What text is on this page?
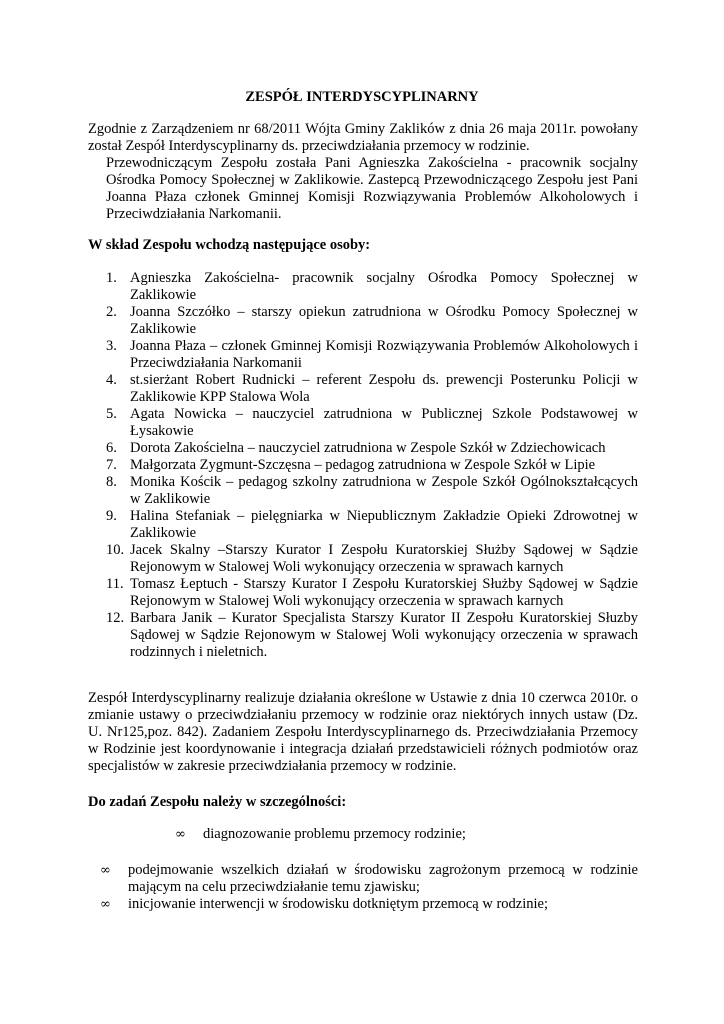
ZESPÓŁ INTERDYSCYPLINARNY
Zgodnie z Zarządzeniem nr 68/2011 Wójta Gminy Zaklików z dnia 26 maja 2011r. powołany został Zespół Interdyscyplinarny ds. przeciwdziałania przemocy w rodzinie.
Przewodniczącym Zespołu została Pani Agnieszka Zakościelna - pracownik socjalny Ośrodka Pomocy Społecznej w Zaklikowie. Zastepcą Przewodniczącego Zespołu jest Pani Joanna Płaza członek Gminnej Komisji Rozwiązywania Problemów Alkoholowych i Przeciwdziałania Narkomanii.
W skład Zespołu wchodzą następujące osoby:
1. Agnieszka Zakościelna- pracownik socjalny Ośrodka Pomocy Społecznej w Zaklikowie
2. Joanna Szczółko – starszy opiekun zatrudniona w Ośrodku Pomocy Społecznej w Zaklikowie
3. Joanna Płaza – członek Gminnej Komisji Rozwiązywania Problemów Alkoholowych i Przeciwdziałania Narkomanii
4. st.sierżant Robert Rudnicki – referent Zespołu ds. prewencji Posterunku Policji w Zaklikowie KPP Stalowa Wola
5. Agata Nowicka – nauczyciel zatrudniona w Publicznej Szkole Podstawowej w Łysakowie
6. Dorota Zakościelna – nauczyciel zatrudniona w Zespole Szkół w Zdziechowicach
7. Małgorzata Zygmunt-Szczęsna – pedagog zatrudniona w Zespole Szkół w Lipie
8. Monika Kościk – pedagog szkolny zatrudniona w Zespole Szkół Ogólnokształcących w Zaklikowie
9. Halina Stefaniak – pielęgniarka w Niepublicznym Zakładzie Opieki Zdrowotnej w Zaklikowie
10. Jacek Skalny –Starszy Kurator I Zespołu Kuratorskiej Służby Sądowej w Sądzie Rejonowym w Stalowej Woli wykonujący orzeczenia w sprawach karnych
11. Tomasz Łeptuch - Starszy Kurator I Zespołu Kuratorskiej Służby Sądowej w Sądzie Rejonowym w Stalowej Woli wykonujący orzeczenia w sprawach karnych
12. Barbara Janik – Kurator Specjalista Starszy Kurator II Zespołu Kuratorskiej Słuzby Sądowej w Sądzie Rejonowym w Stalowej Woli wykonujący orzeczenia w sprawach rodzinnych i nieletnich.
Zespół Interdyscyplinarny realizuje działania określone w Ustawie z dnia 10 czerwca 2010r. o zmianie ustawy o przeciwdziałaniu przemocy w rodzinie oraz niektórych innych ustaw (Dz. U. Nr125,poz. 842). Zadaniem Zespołu Interdyscyplinarnego ds. Przeciwdziałania Przemocy w Rodzinie jest koordynowanie i integracja działań przedstawicieli różnych podmiotów oraz specjalistów w zakresie przeciwdziałania przemocy w rodzinie.
Do zadań Zespołu należy w szczególności:
∞	diagnozowanie problemu przemocy rodzinie;
∞	podejmowanie wszelkich działań w środowisku zagrożonym przemocą w rodzinie mającym na celu przeciwdziałanie temu zjawisku;
∞	inicjowanie interwencji w środowisku dotkniętym przemocą w rodzinie;
